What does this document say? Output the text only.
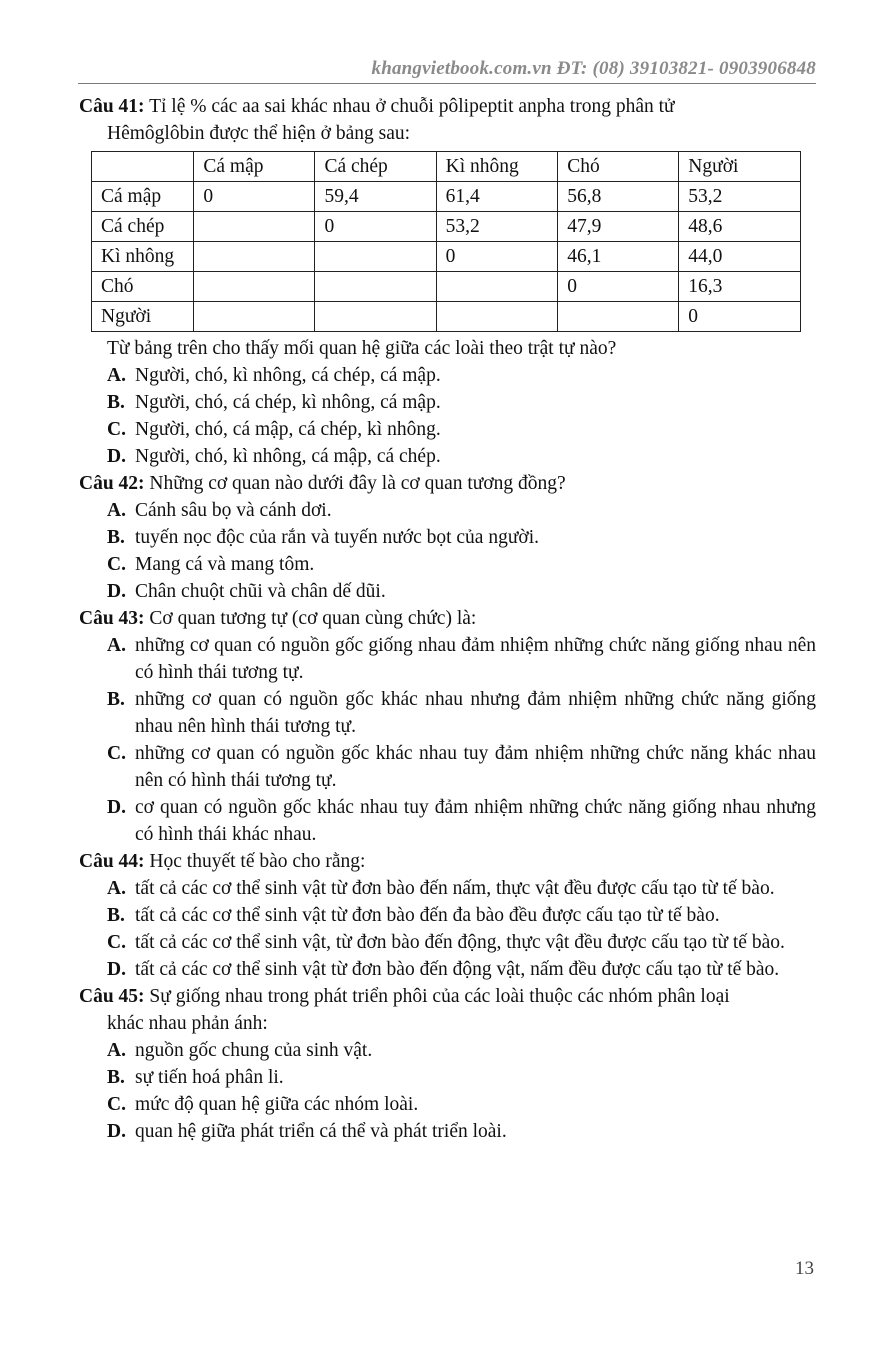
khangvietbook.com.vn ĐT: (08) 39103821- 0903906848

Câu 41: Tỉ lệ % các aa sai khác nhau ở chuỗi pôlipeptit anpha trong phân tử
Hêmôglôbin được thể hiện ở bảng sau:

	Cá mập	Cá chép	Kì nhông	Chó	Người
Cá mập	0	59,4	61,4	56,8	53,2
Cá chép		0	53,2	47,9	48,6
Kì nhông			0	46,1	44,0
Chó				0	16,3
Người					0

Từ bảng trên cho thấy mối quan hệ giữa các loài theo trật tự nào?

A. Người, chó, kì nhông, cá chép, cá mập.
B. Người, chó, cá chép, kì nhông, cá mập.
C. Người, chó, cá mập, cá chép, kì nhông.
D. Người, chó, kì nhông, cá mập, cá chép.

Câu 42: Những cơ quan nào dưới đây là cơ quan tương đồng?

A. Cánh sâu bọ và cánh dơi.
B. tuyến nọc độc của rắn và tuyến nước bọt của người.
C. Mang cá và mang tôm.
D. Chân chuột chũi và chân dế dũi.

Câu 43: Cơ quan tương tự (cơ quan cùng chức) là:

A. những cơ quan có nguồn gốc giống nhau đảm nhiệm những chức năng giống nhau nên có hình thái tương tự.
B. những cơ quan có nguồn gốc khác nhau nhưng đảm nhiệm những chức năng giống nhau nên hình thái tương tự.
C. những cơ quan có nguồn gốc khác nhau tuy đảm nhiệm những chức năng khác nhau nên có hình thái tương tự.
D. cơ quan có nguồn gốc khác nhau tuy đảm nhiệm những chức năng giống nhau nhưng có hình thái khác nhau.

Câu 44: Học thuyết tế bào cho rằng:

A. tất cả các cơ thể sinh vật từ đơn bào đến nấm, thực vật đều được cấu tạo từ tế bào.
B. tất cả các cơ thể sinh vật từ đơn bào đến đa bào đều được cấu tạo từ tế bào.
C. tất cả các cơ thể sinh vật, từ đơn bào đến động, thực vật đều được cấu tạo từ tế bào.
D. tất cả các cơ thể sinh vật từ đơn bào đến động vật, nấm đều được cấu tạo từ tế bào.

Câu 45: Sự giống nhau trong phát triển phôi của các loài thuộc các nhóm phân loại
khác nhau phản ánh:

A. nguồn gốc chung của sinh vật.
B. sự tiến hoá phân li.
C. mức độ quan hệ giữa các nhóm loài.
D. quan hệ giữa phát triển cá thể và phát triển loài.
13
